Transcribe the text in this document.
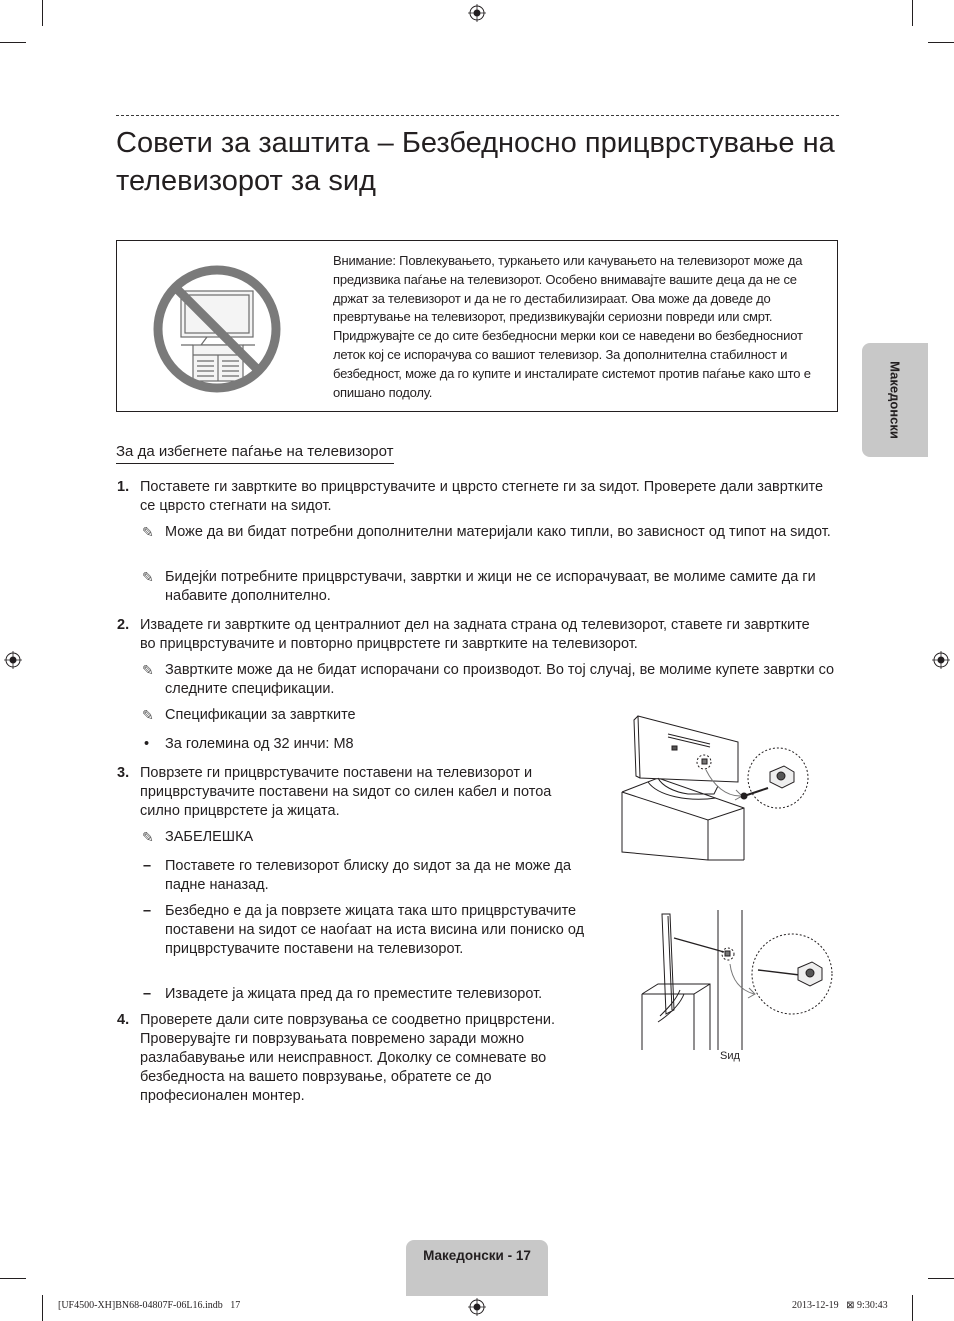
Совети за заштита – Безбедносно прицврстување на телевизорот за ѕид
Внимание: Повлекувањето, туркањето или качувањето на телевизорот може да предизвика паѓање на телевизорот. Особено внимавајте вашите деца да не се држат за телевизорот и да не го дестабилизираат. Ова може да доведе до превртување на телевизорот, предизвикувајќи сериозни повреди или смрт. Придржувајте се до сите безбедносни мерки кои се наведени во безбедносниот леток кој се испорачува со вашиот телевизор. За дополнителна стабилност и безбедност, може да го купите и инсталирате системот против паѓање како што е опишано подолу.	Македонски
За да избегнете паѓање на телевизорот
1. Поставете ги завртките во прицврстувачите и цврсто стегнете ги за ѕидот. Проверете дали завртките се цврсто стегнати на ѕидот.
✎ Може да ви бидат потребни дополнителни материјали како типли, во зависност од типот на ѕидот.
✎ Бидејќи потребните прицврстувачи, завртки и жици не се испорачуваат, ве молиме самите да ги набавите дополнително.
2. Извадете ги завртките од централниот дел на задната страна од телевизорот, ставете ги завртките во прицврстувачите и повторно прицврстете ги завртките на телевизорот.
✎ Завртките може да не бидат испорачани со производот. Во тој случај, ве молиме купете завртки со следните спецификации.
✎ Спецификации за завртките
• За големина од 32 инчи: M8
3. Поврзете ги прицврстувачите поставени на телевизорот и прицврстувачите поставени на ѕидот со силен кабел и потоа силно прицврстете ја жицата.
✎ ЗАБЕЛЕШКА
– Поставете го телевизорот блиску до ѕидот за да не може да падне наназад.
– Безбедно е да ја поврзете жицата така што прицврстувачите поставени на ѕидот се наоѓаат на иста висина или пониско од прицврстувачите поставени на телевизорот.
– Извадете ја жицата пред да го преместите телевизорот.
4. Проверете дали сите поврзувања се соодветно прицврстени. Проверувајте ги поврзувањата повремено заради можно разлабавување или неисправност. Доколку се сомневате во безбедноста на вашето поврзување, обратете се до професионален монтер.
Ѕид
Македонски - 17
[UF4500-XH]BN68-04807F-06L16.indb   17	2013-12-19   ⊠ 9:30:43
